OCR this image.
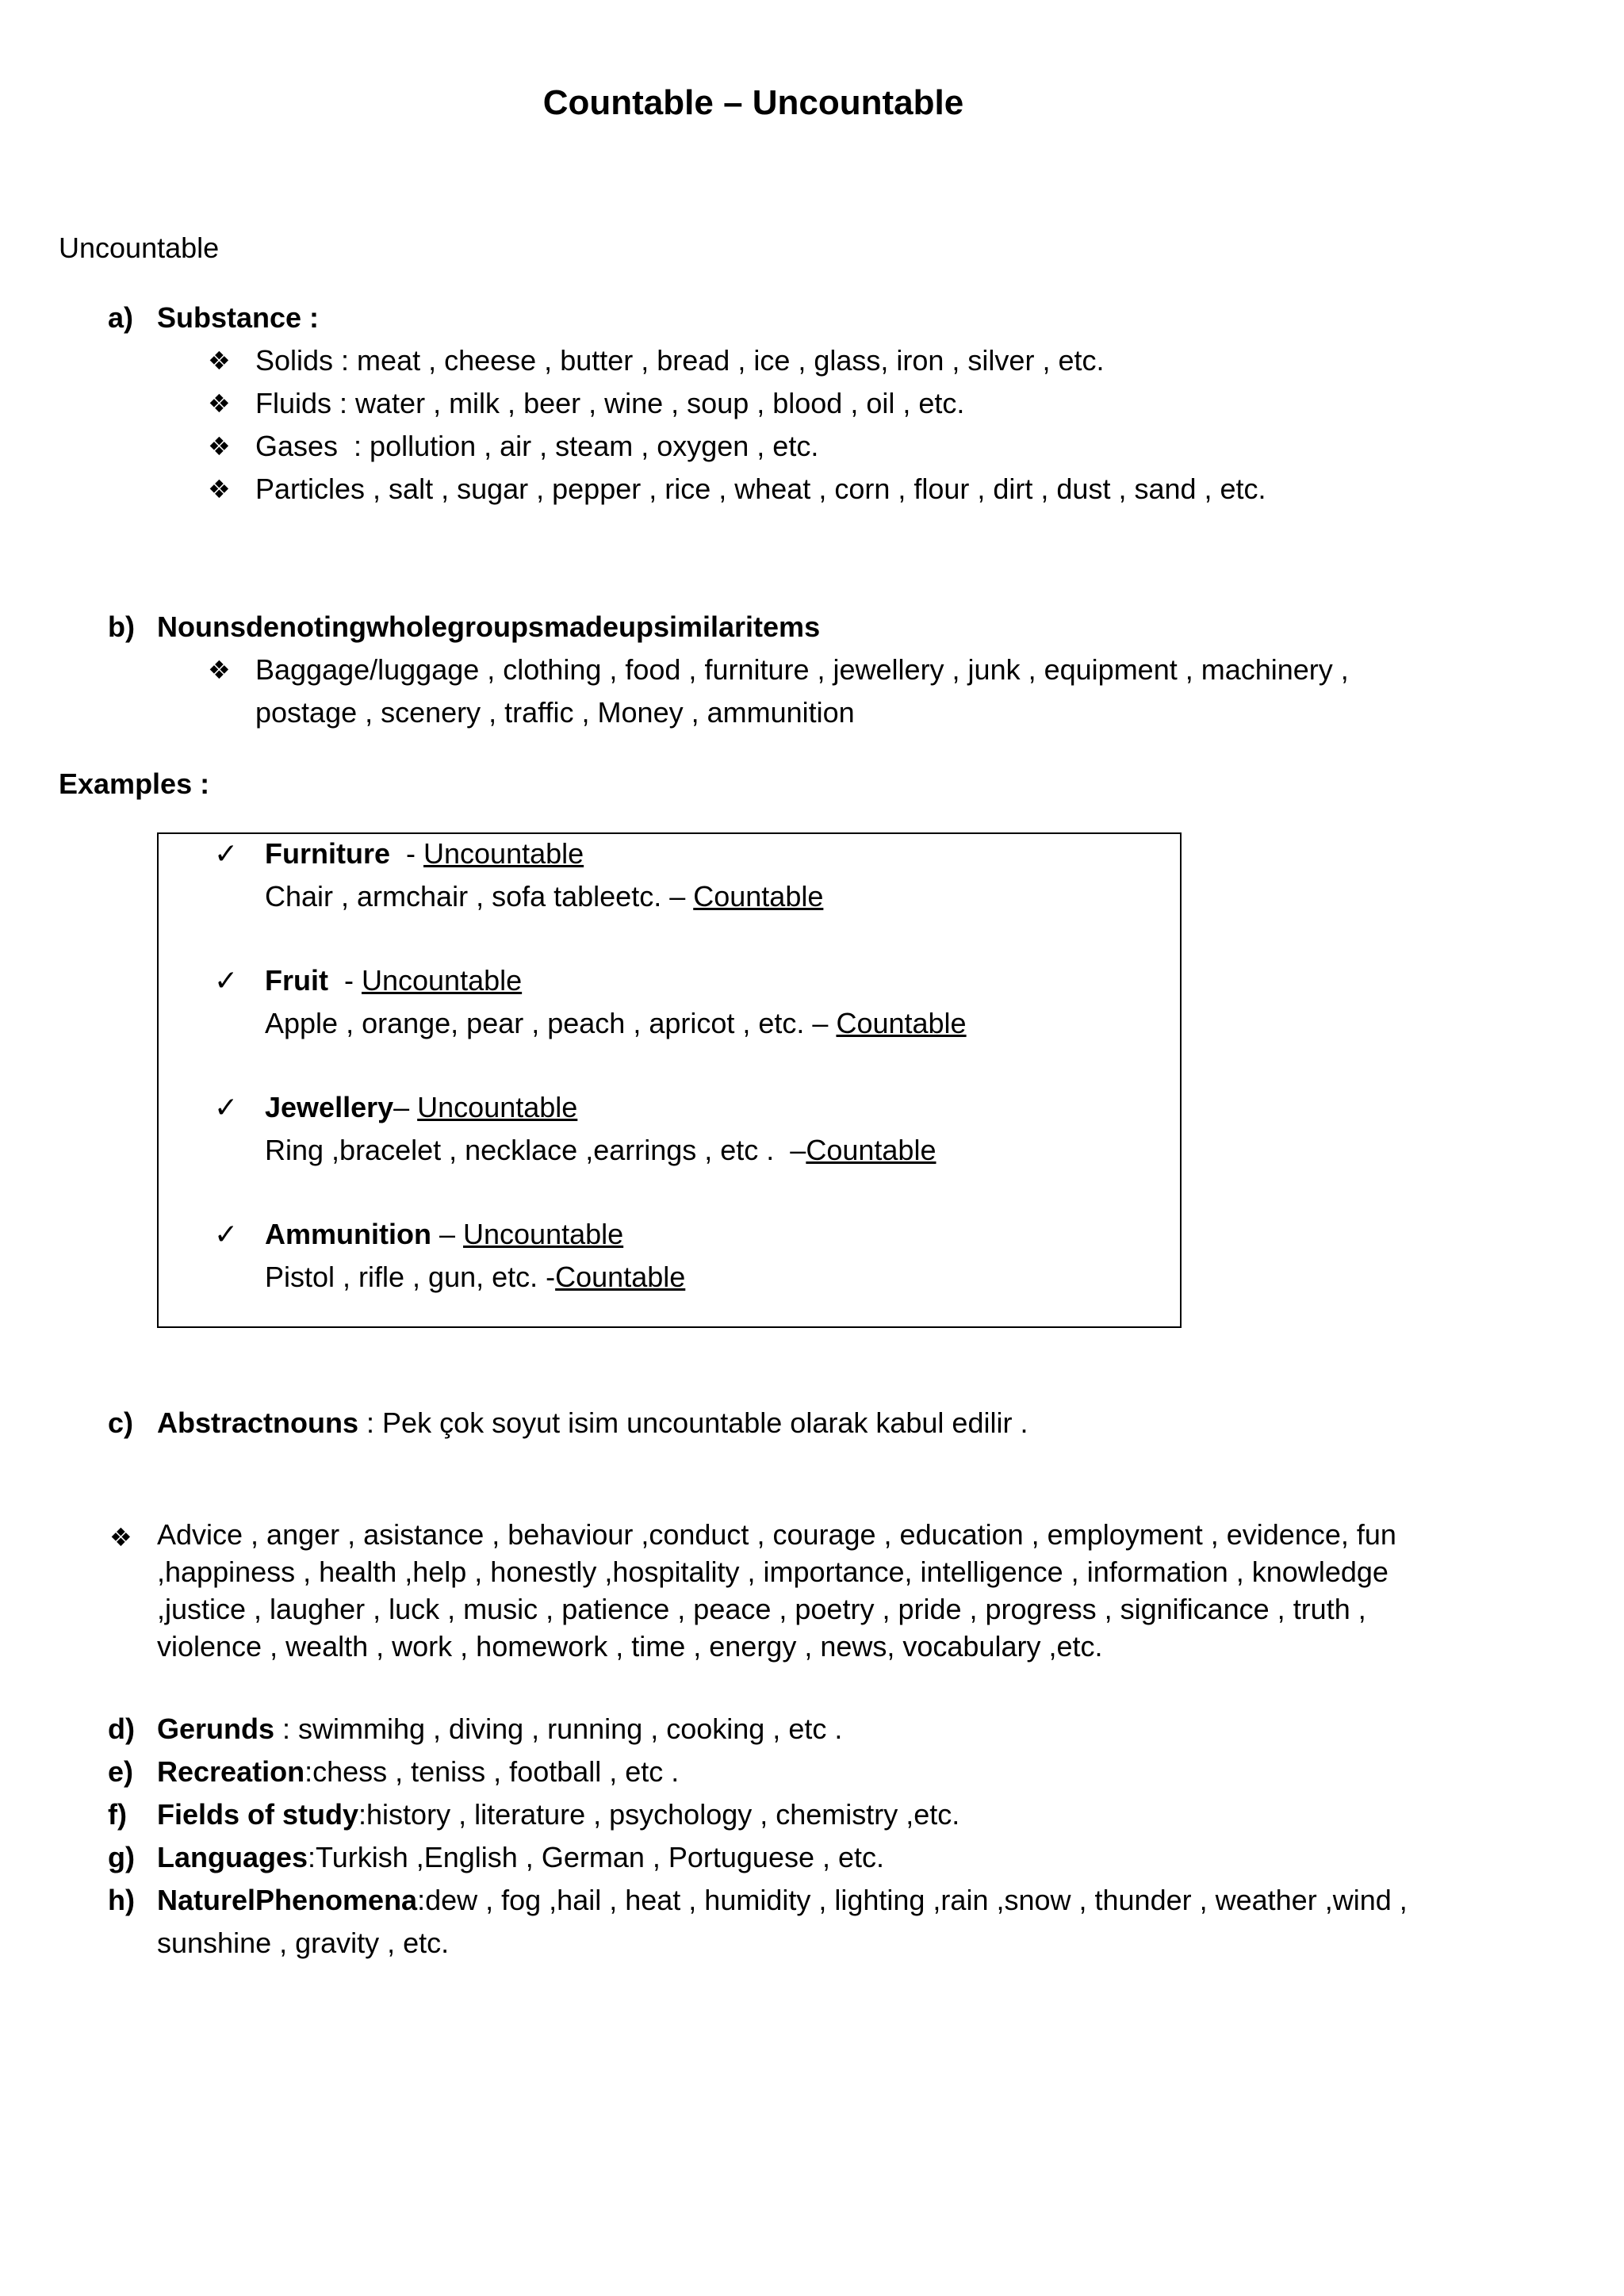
Countable – Uncountable
Uncountable
a) Substance :
❖ Solids : meat , cheese , butter , bread , ice , glass, iron , silver , etc.
❖ Fluids : water , milk , beer , wine , soup , blood , oil , etc.
❖ Gases  : pollution , air , steam , oxygen , etc.
❖ Particles , salt , sugar , pepper , rice , wheat , corn , flour , dirt , dust , sand , etc.
b) Nounsdenotingwholegroupsmadeupsimilaritems
❖ Baggage/luggage , clothing , food , furniture , jewellery , junk , equipment , machinery , postage , scenery , traffic , Money , ammunition
Examples :
✓ Furniture  - Uncountable
Chair , armchair , sofa tableetc. – Countable
✓ Fruit  - Uncountable
Apple , orange, pear , peach , apricot , etc. – Countable
✓ Jewellery– Uncountable
Ring ,bracelet , necklace ,earrings , etc .  –Countable
✓ Ammunition – Uncountable
Pistol , rifle , gun, etc. -Countable
c) Abstractnouns : Pek çok soyut isim uncountable olarak kabul edilir .
❖ Advice , anger , asistance , behaviour ,conduct , courage , education , employment , evidence, fun ,happiness , health ,help , honestly ,hospitality , importance, intelligence , information , knowledge ,justice , laugher , luck , music , patience , peace , poetry , pride , progress , significance , truth , violence , wealth , work , homework , time , energy , news, vocabulary ,etc.
d) Gerunds : swimmihg , diving , running , cooking , etc .
e) Recreation:chess , teniss , football , etc .
f) Fields of study:history , literature , psychology , chemistry ,etc.
g) Languages:Turkish ,English , German , Portuguese , etc.
h) NaturelPhenomena:dew , fog ,hail , heat , humidity , lighting ,rain ,snow , thunder , weather ,wind , sunshine , gravity , etc.
